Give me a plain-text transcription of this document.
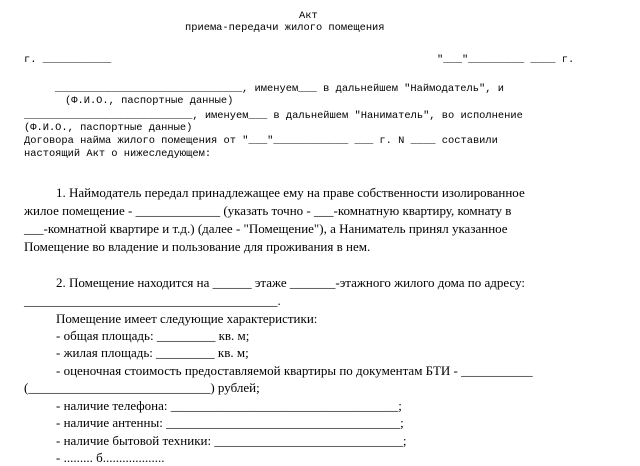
Акт
приема-передачи жилого помещения
г. ___________	"___"_________ ____ г.
______________________________, именуем___ в дальнейшем "Наймодатель", и
(Ф.И.О., паспортные данные)
___________________________, именуем___ в дальнейшем "Наниматель", во исполнение
(Ф.И.О., паспортные данные)
Договора найма жилого помещения от "___"____________ ___ г. N ____ составили
настоящий Акт о нижеследующем:
1. Наймодатель передал принадлежащее ему на праве собственности изолированное
жилое помещение - _____________ (указать точно - ___-комнатную квартиру, комнату в
___-комнатной квартире и т.д.) (далее - "Помещение"), а Наниматель принял указанное
Помещение во владение и пользование для проживания в нем.
2. Помещение находится на ______ этаже _______-этажного жилого дома по адресу:
_______________________________________.
Помещение имеет следующие характеристики:
- общая площадь: _________ кв. м;
- жилая площадь: _________ кв. м;
- оценочная стоимость предоставляемой квартиры по документам БТИ - ___________
(____________________________) рублей;
- наличие телефона: ___________________________________;
- наличие антенны: ____________________________________;
- наличие бытовой техники: _____________________________;
- ......... б...................
